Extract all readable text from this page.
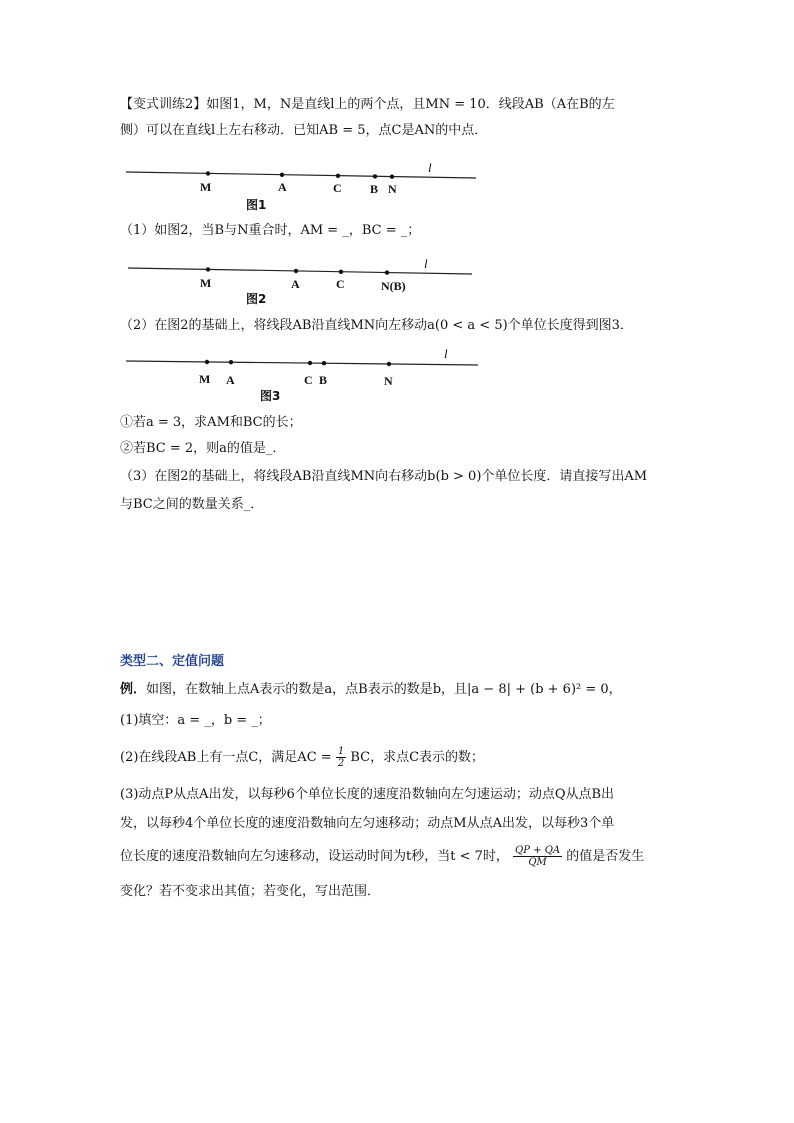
【变式训练2】如图1，M，N是直线l上的两个点，且MN = 10．线段AB（A在B的左
侧）可以在直线l上左右移动．已知AB = 5，点C是AN的中点．
l
M	A	C B N
图1
（1）如图2，当B与N重合时，AM = _，BC = _；
l
M	A	C	N(B)
图2
（2）在图2的基础上，将线段AB沿直线MN向左移动a(0 < a < 5)个单位长度得到图3．
l
M A	C B	N
图3
①若a = 3，求AM和BC的长；
②若BC = 2，则a的值是_．
（3）在图2的基础上，将线段AB沿直线MN向右移动b(b > 0)个单位长度．请直接写出AM
与BC之间的数量关系_．
类型二、定值问题
例．如图，在数轴上点A表示的数是a，点B表示的数是b，且|a − 8| + (b + 6)² = 0，
(1)填空：a = _，b = _；
(2)在线段AB上有一点C，满足AC = $\frac{1}{2}$ BC，求点C表示的数；
(3)动点P从点A出发，以每秒6个单位长度的速度沿数轴向左匀速运动；动点Q从点B出
发，以每秒4个单位长度的速度沿数轴向左匀速移动；动点M从点A出发，以每秒3个单
位长度的速度沿数轴向左匀速移动，设运动时间为t秒，当t < 7时， $\frac{QP + QA}{QM}$ 的值是否发生
变化？若不变求出其值；若变化，写出范围．
